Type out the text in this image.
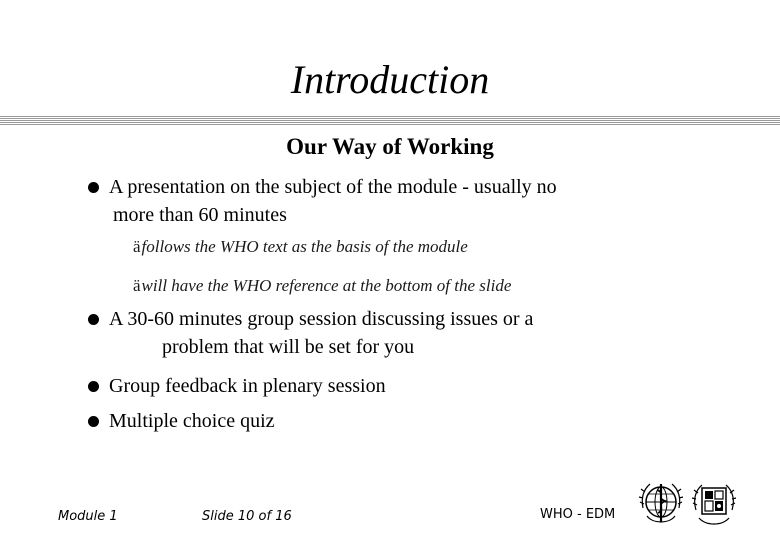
Introduction
Our Way of Working
A presentation on the subject of the module - usually no
more than 60 minutes
äfollows the WHO text as the basis of the module
äwill have the WHO reference at the bottom of the slide
A 30-60 minutes group session discussing issues or a
problem that will be set for you
Group feedback in plenary session
Multiple choice quiz
Module 1	Slide 10 of 16	WHO - EDM
